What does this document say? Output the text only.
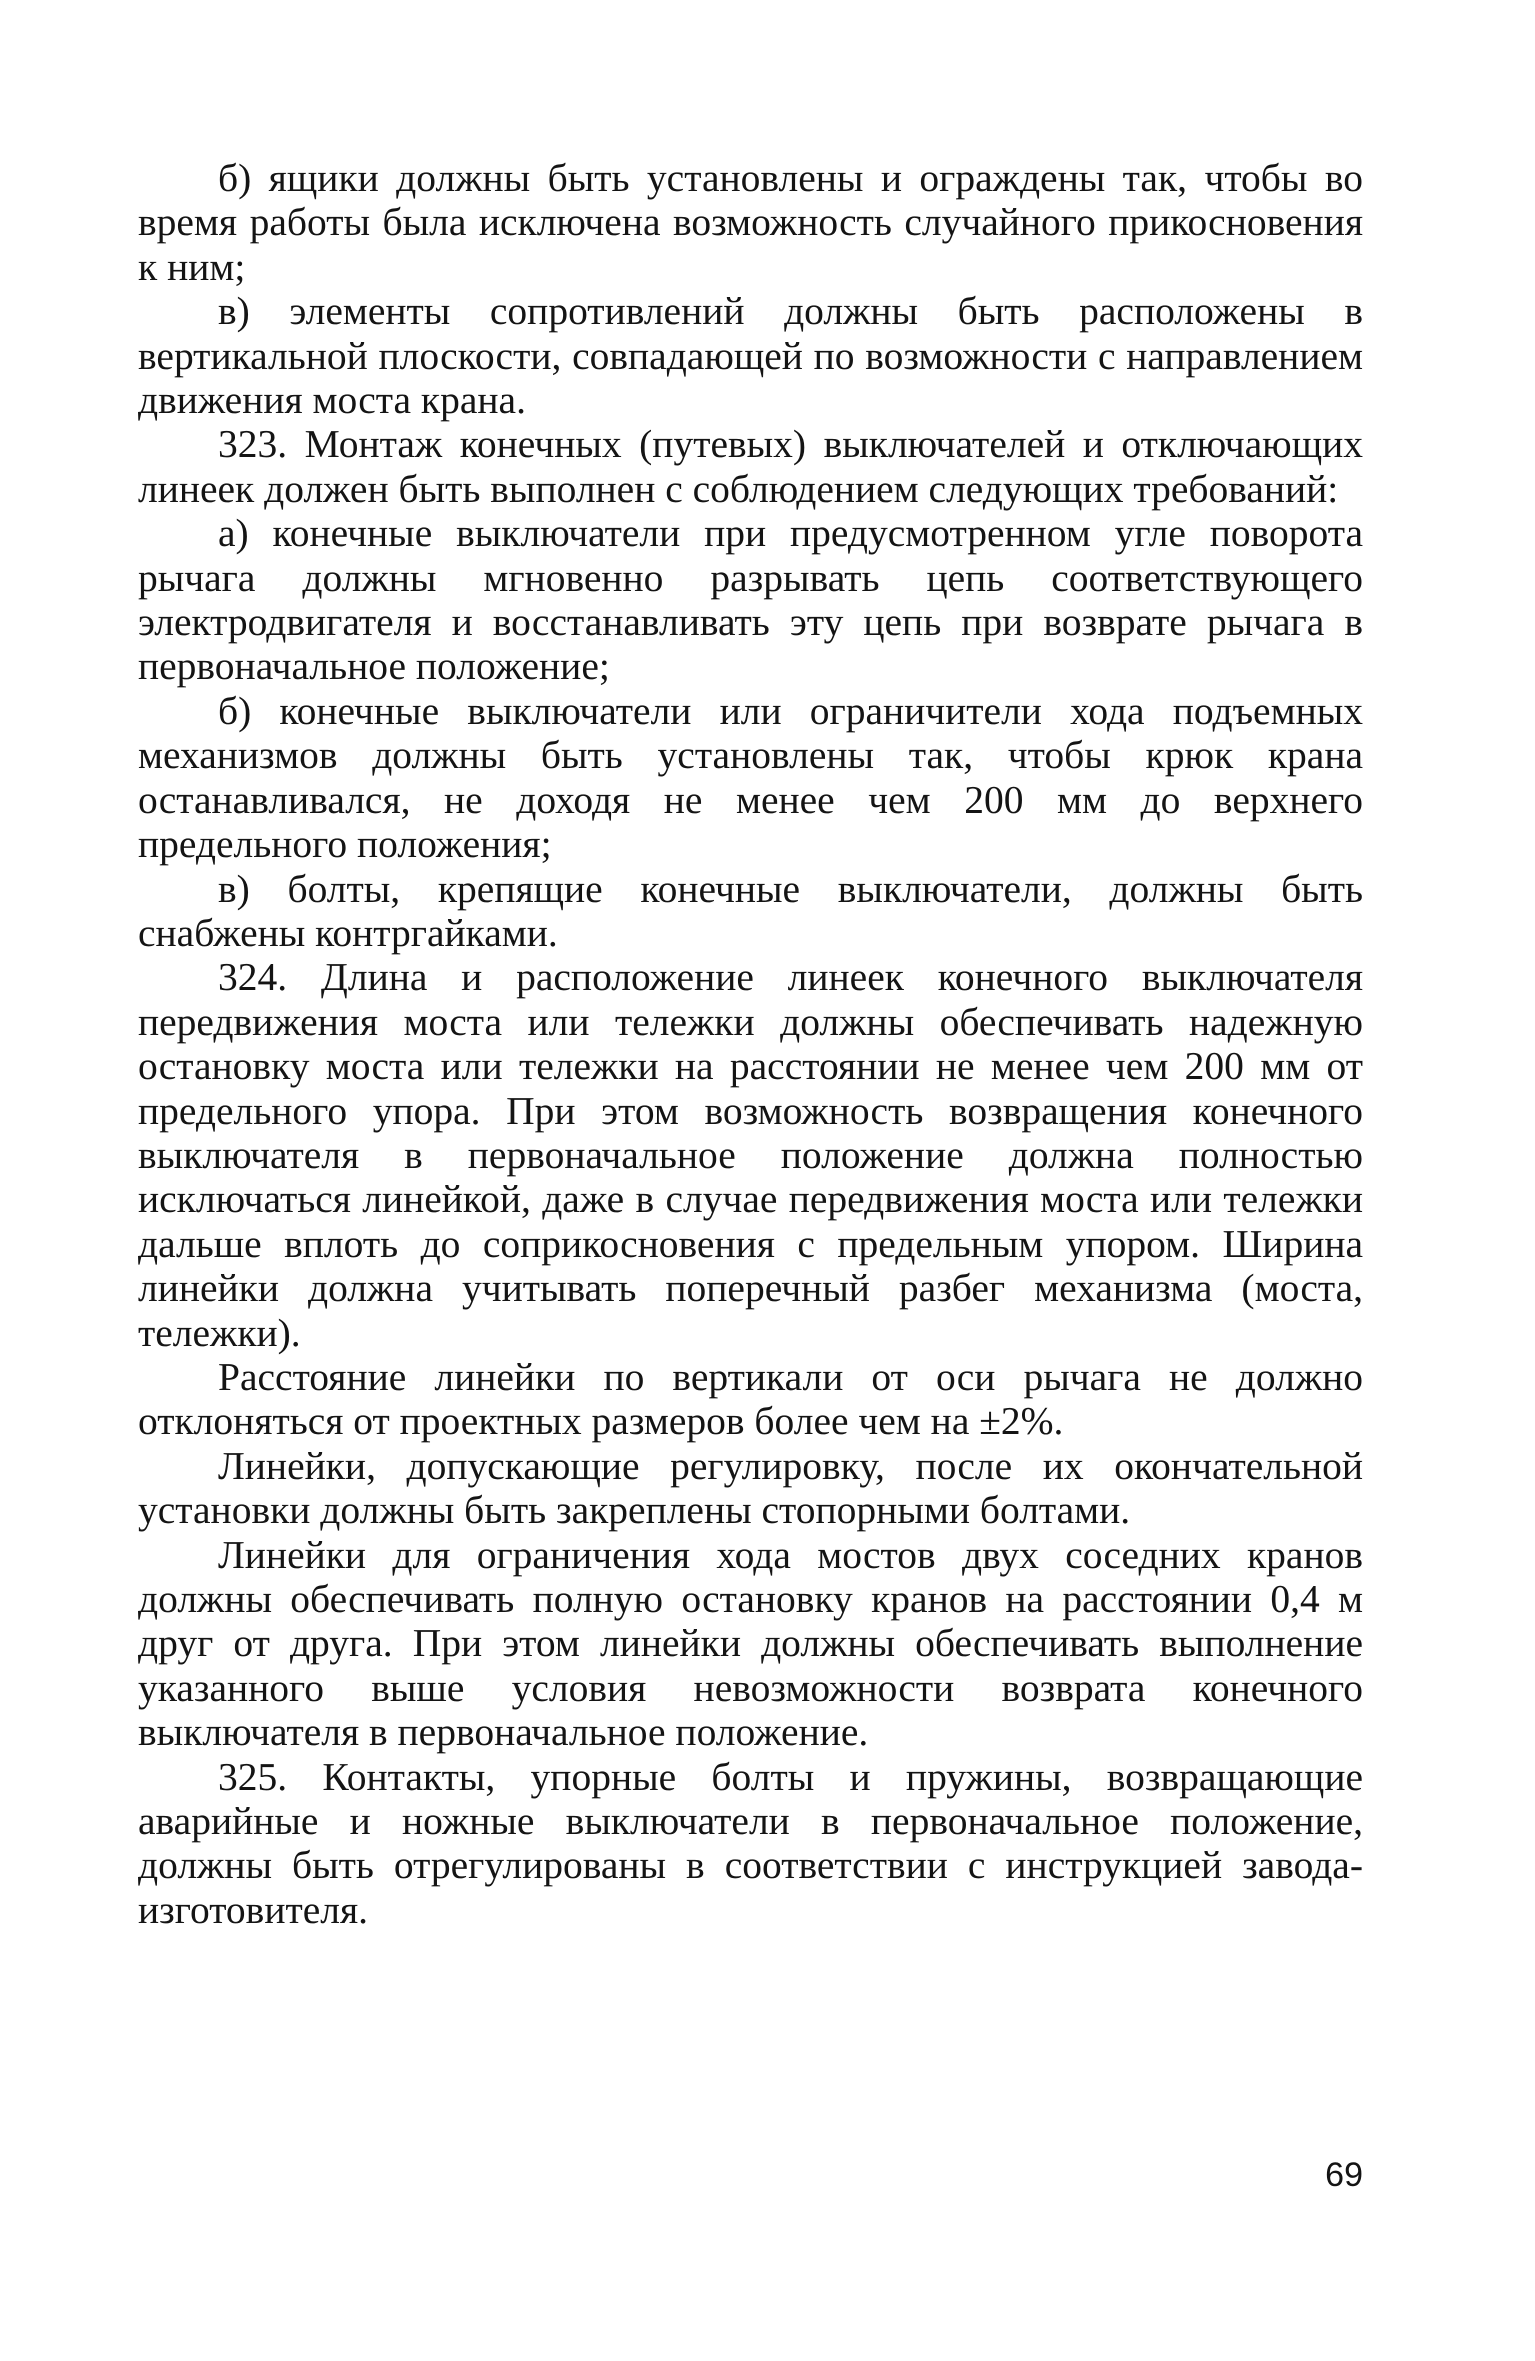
б) ящики должны быть установлены и ограждены так, чтобы во время работы была исключена возможность случайного прикосновения к ним;

в) элементы сопротивлений должны быть расположены в вертикальной плоскости, совпадающей по возможности с направлением движения моста крана.

323. Монтаж конечных (путевых) выключателей и отключающих линеек должен быть выполнен с соблюдением следующих требований:

а) конечные выключатели при предусмотренном угле поворота рычага должны мгновенно разрывать цепь соответствующего электродвигателя и восстанавливать эту цепь при возврате рычага в первоначальное положение;

б) конечные выключатели или ограничители хода подъемных механизмов должны быть установлены так, чтобы крюк крана останавливался, не доходя не менее чем 200 мм до верхнего предельного положения;

в) болты, крепящие конечные выключатели, должны быть снабжены контргайками.

324. Длина и расположение линеек конечного выключателя передвижения моста или тележки должны обеспечивать надежную остановку моста или тележки на расстоянии не менее чем 200 мм от предельного упора. При этом возможность возвращения конечного выключателя в первоначальное положение должна полностью исключаться линейкой, даже в случае передвижения моста или тележки дальше вплоть до соприкосновения с предельным упором. Ширина линейки должна учитывать поперечный разбег механизма (моста, тележки).

Расстояние линейки по вертикали от оси рычага не должно отклоняться от проектных размеров более чем на ±2%.

Линейки, допускающие регулировку, после их окончательной установки должны быть закреплены стопорными болтами.

Линейки для ограничения хода мостов двух соседних кранов должны обеспечивать полную остановку кранов на расстоянии 0,4 м друг от друга. При этом линейки должны обеспечивать выполнение указанного выше условия невозможности возврата конечного выключателя в первоначальное положение.

325. Контакты, упорные болты и пружины, возвращающие аварийные и ножные выключатели в первоначальное положение, должны быть отрегулированы в соответствии с инструкцией завода-изготовителя.

69
